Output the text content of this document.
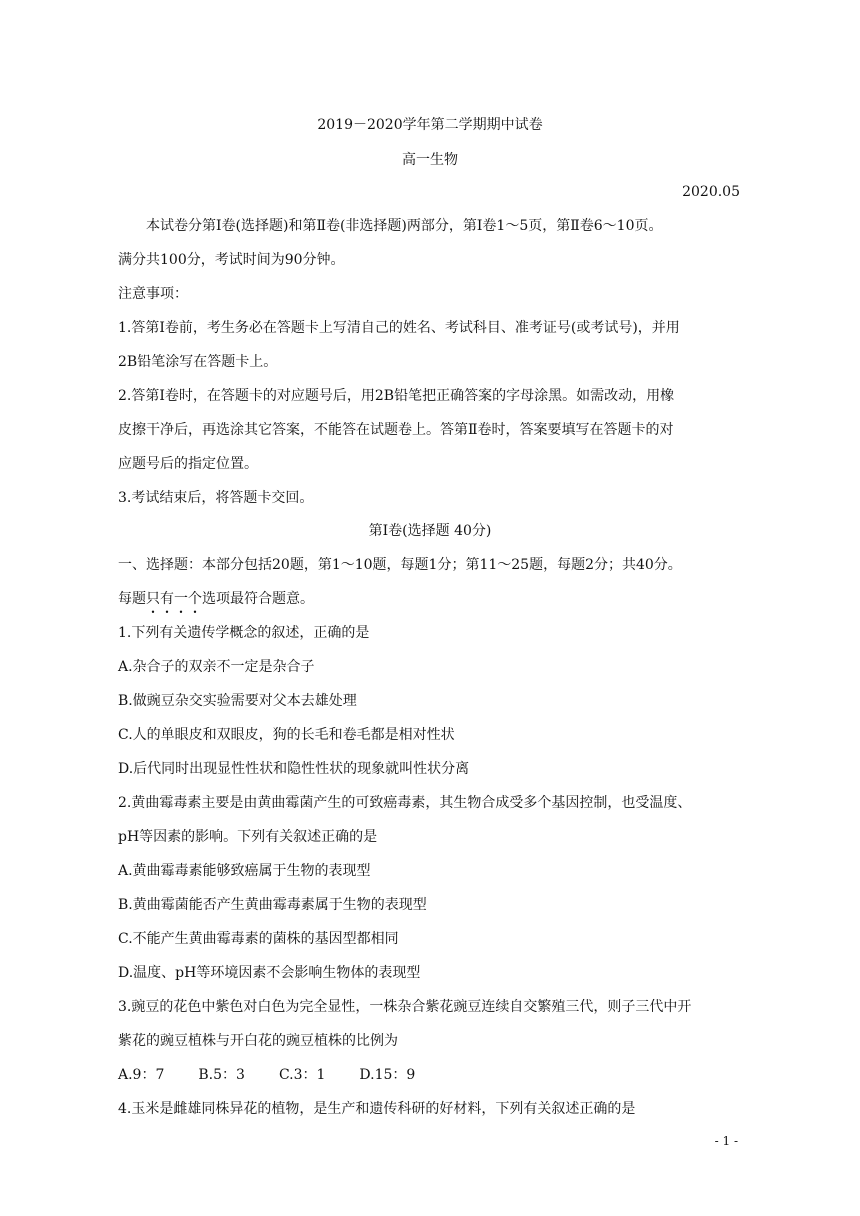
2019－2020学年第二学期期中试卷
高一生物
2020.05
本试卷分第Ⅰ卷(选择题)和第Ⅱ卷(非选择题)两部分，第Ⅰ卷1～5页，第Ⅱ卷6～10页。
满分共100分，考试时间为90分钟。
注意事项：
1.答第Ⅰ卷前，考生务必在答题卡上写清自己的姓名、考试科目、准考证号(或考试号)，并用
2B铅笔涂写在答题卡上。
2.答第Ⅰ卷时，在答题卡的对应题号后，用2B铅笔把正确答案的字母涂黑。如需改动，用橡
皮擦干净后，再选涂其它答案，不能答在试题卷上。答第Ⅱ卷时，答案要填写在答题卡的对
应题号后的指定位置。
3.考试结束后，将答题卡交回。
第Ⅰ卷(选择题 40分)
一、选择题：本部分包括20题，第1～10题，每题1分；第11～25题，每题2分；共40分。
每题只有一个选项最符合题意。
1.下列有关遗传学概念的叙述，正确的是
A.杂合子的双亲不一定是杂合子
B.做豌豆杂交实验需要对父本去雄处理
C.人的单眼皮和双眼皮，狗的长毛和卷毛都是相对性状
D.后代同时出现显性性状和隐性性状的现象就叫性状分离
2.黄曲霉毒素主要是由黄曲霉菌产生的可致癌毒素，其生物合成受多个基因控制，也受温度、
pH等因素的影响。下列有关叙述正确的是
A.黄曲霉毒素能够致癌属于生物的表现型
B.黄曲霉菌能否产生黄曲霉毒素属于生物的表现型
C.不能产生黄曲霉毒素的菌株的基因型都相同
D.温度、pH等环境因素不会影响生物体的表现型
3.豌豆的花色中紫色对白色为完全显性，一株杂合紫花豌豆连续自交繁殖三代，则子三代中开
紫花的豌豆植株与开白花的豌豆植株的比例为
A.9：7 B.5：3 C.3：1 D.15：9
4.玉米是雌雄同株异花的植物，是生产和遗传科研的好材料，下列有关叙述正确的是
- 1 -
